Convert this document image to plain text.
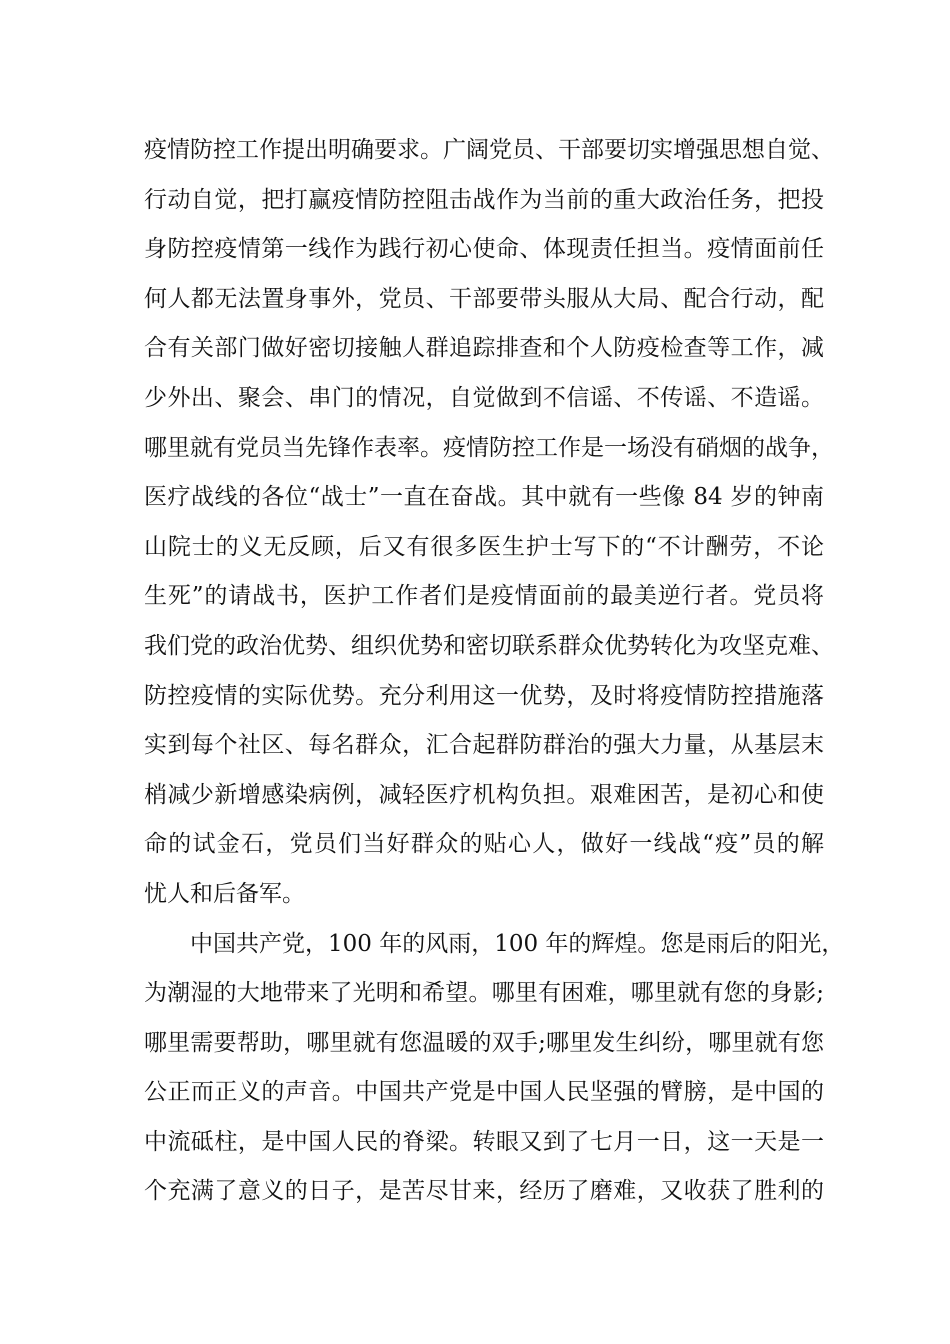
疫情防控工作提出明确要求。广阔党员、干部要切实增强思想自觉、
行动自觉，把打赢疫情防控阻击战作为当前的重大政治任务，把投
身防控疫情第一线作为践行初心使命、体现责任担当。疫情面前任
何人都无法置身事外，党员、干部要带头服从大局、配合行动，配
合有关部门做好密切接触人群追踪排查和个人防疫检查等工作，减
少外出、聚会、串门的情况，自觉做到不信谣、不传谣、不造谣。
哪里就有党员当先锋作表率。疫情防控工作是一场没有硝烟的战争，
医疗战线的各位“战士”一直在奋战。其中就有一些像 84 岁的钟南
山院士的义无反顾，后又有很多医生护士写下的“不计酬劳，不论
生死”的请战书，医护工作者们是疫情面前的最美逆行者。党员将
我们党的政治优势、组织优势和密切联系群众优势转化为攻坚克难、
防控疫情的实际优势。充分利用这一优势，及时将疫情防控措施落
实到每个社区、每名群众，汇合起群防群治的强大力量，从基层末
梢减少新增感染病例，减轻医疗机构负担。艰难困苦，是初心和使
命的试金石，党员们当好群众的贴心人，做好一线战“疫”员的解
忧人和后备军。
中国共产党，100 年的风雨，100 年的辉煌。您是雨后的阳光，
为潮湿的大地带来了光明和希望。哪里有困难，哪里就有您的身影;
哪里需要帮助，哪里就有您温暖的双手;哪里发生纠纷，哪里就有您
公正而正义的声音。中国共产党是中国人民坚强的臂膀，是中国的
中流砥柱，是中国人民的脊梁。转眼又到了七月一日，这一天是一
个充满了意义的日子，是苦尽甘来，经历了磨难，又收获了胜利的
